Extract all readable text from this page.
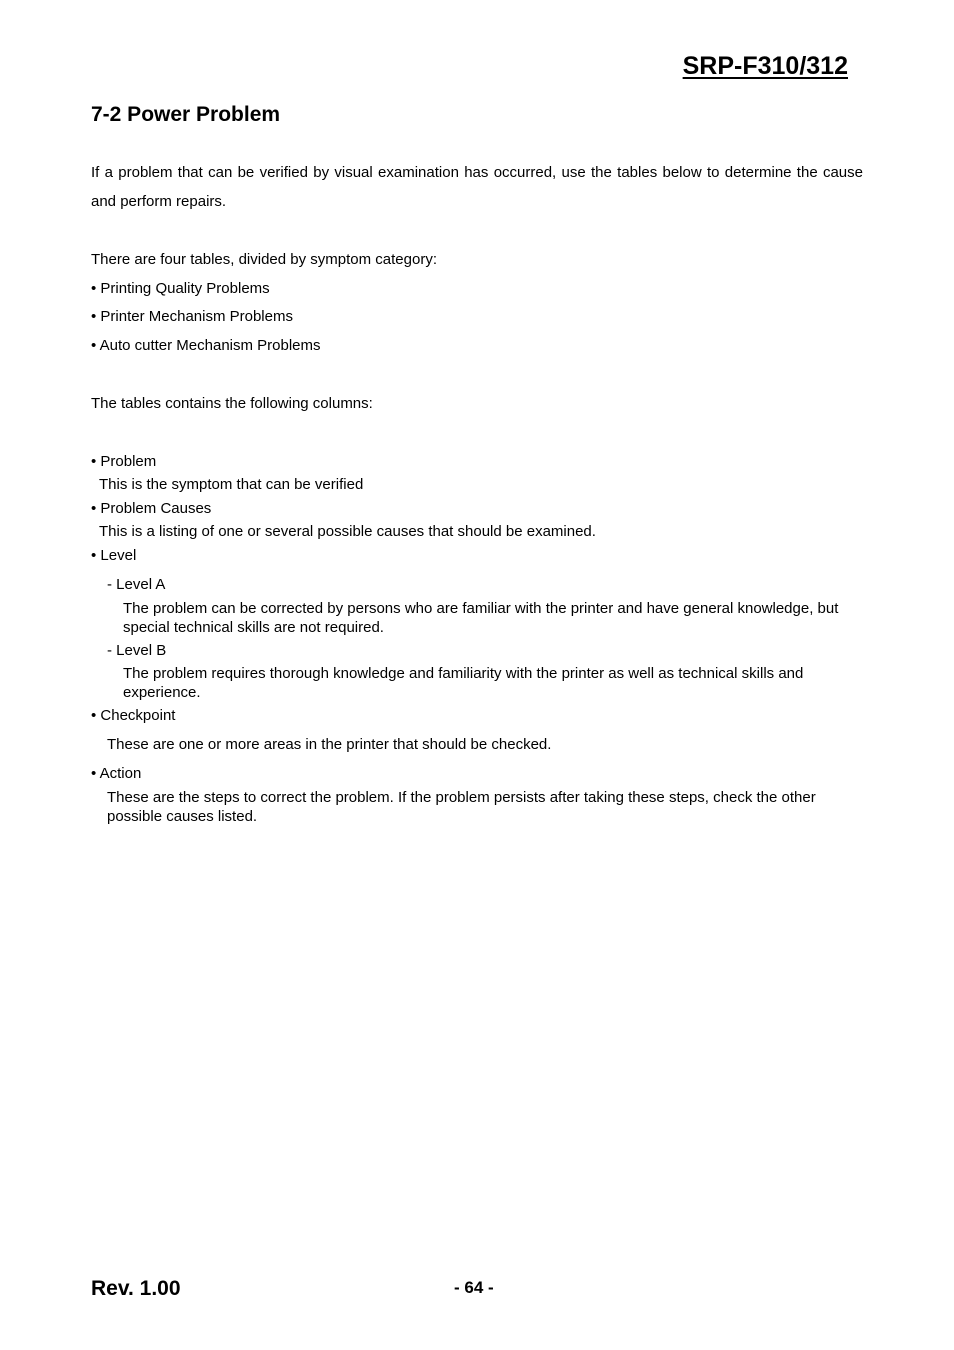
SRP-F310/312
7-2 Power Problem

If a problem that can be verified by visual examination has occurred, use the tables below to determine the cause and perform repairs.

There are four tables, divided by symptom category:
• Printing Quality Problems
• Printer Mechanism Problems
• Auto cutter Mechanism Problems
The tables contains the following columns:
• Problem
This is the symptom that can be verified
• Problem Causes
This is a listing of one or several possible causes that should be examined.
• Level
- Level A
The problem can be corrected by persons who are familiar with the printer and have general knowledge, but special technical skills are not required.
- Level B
The problem requires thorough knowledge and familiarity with the printer as well as technical skills and experience.
• Checkpoint
These are one or more areas in the printer that should be checked.
• Action
These are the steps to correct the problem. If the problem persists after taking these steps, check the other possible causes listed.
Rev. 1.00	- 64 -
